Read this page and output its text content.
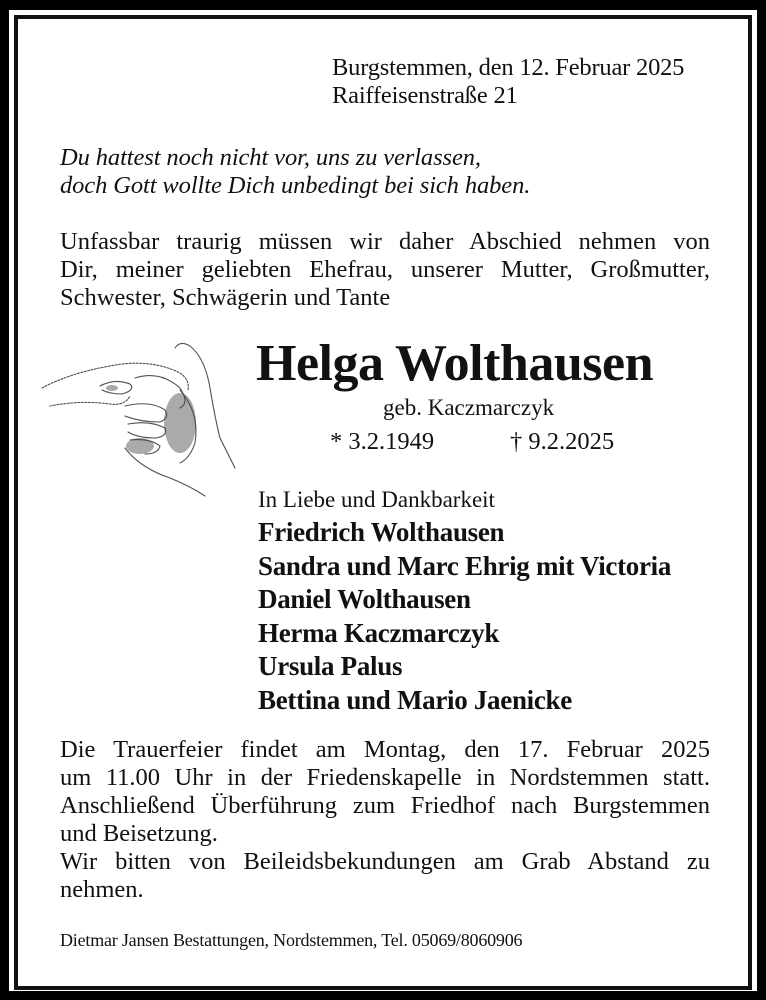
Burgstemmen, den 12. Februar 2025
Raiffeisenstraße 21
Du hattest noch nicht vor, uns zu verlassen,
doch Gott wollte Dich unbedingt bei sich haben.
Unfassbar traurig müssen wir daher Abschied nehmen von
Dir, meiner geliebten Ehefrau, unserer Mutter, Großmutter,
Schwester, Schwägerin und Tante
Helga Wolthausen
geb. Kaczmarczyk
* 3.2.1949	† 9.2.2025
In Liebe und Dankbarkeit
Friedrich Wolthausen
Sandra und Marc Ehrig mit Victoria
Daniel Wolthausen
Herma Kaczmarczyk
Ursula Palus
Bettina und Mario Jaenicke
Die Trauerfeier findet am Montag, den 17. Februar 2025
um 11.00 Uhr in der Friedenskapelle in Nordstemmen statt.
Anschließend Überführung zum Friedhof nach Burgstemmen
und Beisetzung.
Wir bitten von Beileidsbekundungen am Grab Abstand zu
nehmen.
Dietmar Jansen Bestattungen, Nordstemmen, Tel. 05069/8060906
